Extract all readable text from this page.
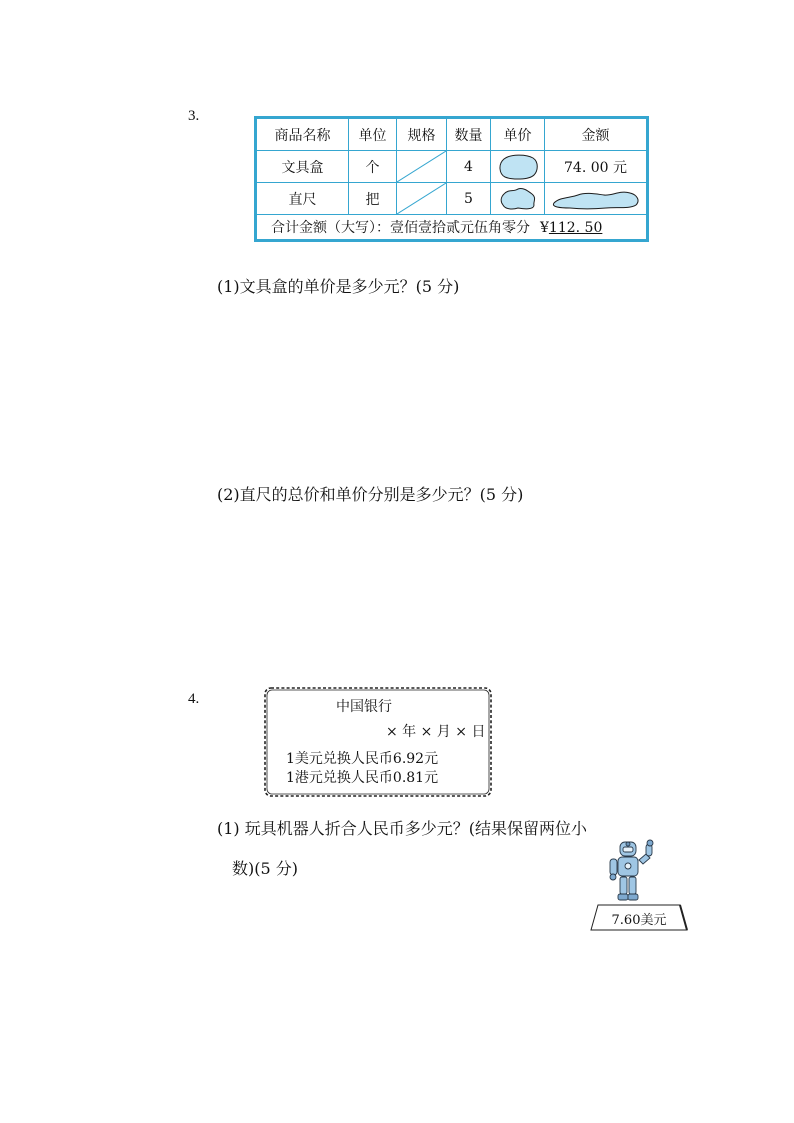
3.
商品名称	单位	规格	数量	单价	金额
文具盒	个		4		74. 00 元
直尺	把		5	

合计金额（大写）：壹佰壹拾贰元伍角零分 ¥112. 50					
(1)文具盒的单价是多少元？(5 分)
(2)直尺的总价和单价分别是多少元？(5 分)
4.	中国银行
× 年 × 月 × 日
1美元兑换人民币6.92元
1港元兑换人民币0.81元
(1) 玩具机器人折合人民币多少元？(结果保留两位小
数)(5 分)
7.60美元
